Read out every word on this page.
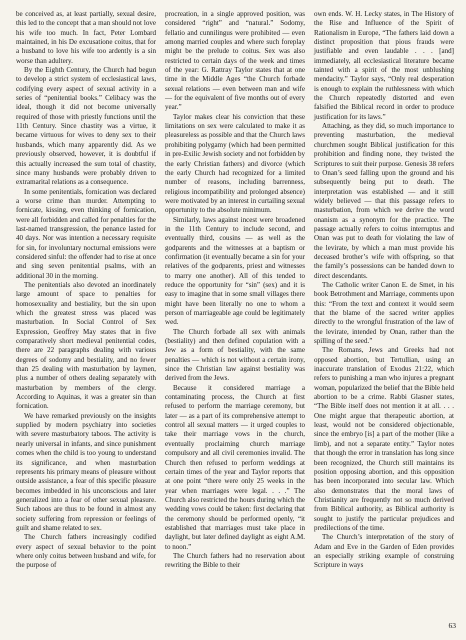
be conceived as, at least partially, sexual desire, this led to the concept that a man should not love his wife too much. In fact, Peter Lombard maintained, in his De excusatione coitus, that for a husband to love his wife too ardently is a sin worse than adultery.

By the Eighth Century, the Church had begun to develop a strict system of ecclesiastical laws, codifying every aspect of sexual activity in a series of “penitential books.” Celibacy was the ideal, though it did not become universally required of those with priestly functions until the 11th Century. Since chastity was a virtue, it became virtuous for wives to deny sex to their husbands, which many apparently did. As we previously observed, however, it is doubtful if this actually increased the sum total of chastity, since many husbands were probably driven to extramarital relations as a consequence.

In some penitentials, fornication was declared a worse crime than murder. Attempting to fornicate, kissing, even thinking of fornication, were all forbidden and called for penalties for the last-named transgression, the penance lasted for 40 days. Nor was intention a necessary requisite for sin, for involuntary nocturnal emissions were considered sinful: the offender had to rise at once and sing seven penitential psalms, with an additional 30 in the morning.

The penitentials also devoted an inordinately large amount of space to penalties for homosexuality and bestiality, but the sin upon which the greatest stress was placed was masturbation. In Social Control of Sex Expression, Geoffrey May states that in five comparatively short medieval penitential codes, there are 22 paragraphs dealing with various degrees of sodomy and bestiality, and no fewer than 25 dealing with masturbation by laymen, plus a number of others dealing separately with masturbation by members of the clergy. According to Aquinas, it was a greater sin than fornication.

We have remarked previously on the insights supplied by modern psychiatry into societies with severe masturbatory taboos. The activity is nearly universal in infants, and since punishment comes when the child is too young to understand its significance, and when masturbation represents his primary means of pleasure without outside assistance, a fear of this specific pleasure becomes imbedded in his unconscious and later generalized into a fear of other sexual pleasure. Such taboos are thus to be found in almost any society suffering from repression or feelings of guilt and shame related to sex.

The Church fathers increasingly codified every aspect of sexual behavior to the point where only coitus between husband and wife, for the purpose of

procreation, in a single approved position, was considered “right” and “natural.” Sodomy, fellatio and cunnilingus were prohibited — even among married couples and where such foreplay might be the prelude to coitus. Sex was also restricted to certain days of the week and times of the year: G. Rattray Taylor states that at one time in the Middle Ages “the Church forbade sexual relations — even between man and wife — for the equivalent of five months out of every year.”

Taylor makes clear his conviction that these limitations on sex were calculated to make it as pleasureless as possible and that the Church laws prohibiting polygamy (which had been permitted in pre-Exilic Jewish society and not forbidden by the early Christian fathers) and divorce (which the early Church had recognized for a limited number of reasons, including barrenness, religious incompatibility and prolonged absence) were motivated by an interest in curtailing sexual opportunity to the absolute minimum.

Similarly, laws against incest were broadened in the 11th Century to include second, and eventually third, cousins — as well as the godparents and the witnesses at a baptism or confirmation (it eventually became a sin for your relatives of the godparents, priest and witnesses to marry one another). All of this tended to reduce the opportunity for “sin” (sex) and it is easy to imagine that in some small villages there might have been literally no one to whom a person of marriageable age could be legitimately wed.

The Church forbade all sex with animals (bestiality) and then defined copulation with a Jew as a form of bestiality, with the same penalties — which is not without a certain irony, since the Christian law against bestiality was derived from the Jews.

Because it considered marriage a contaminating process, the Church at first refused to perform the marriage ceremony, but later — as a part of its comprehensive attempt to control all sexual matters — it urged couples to take their marriage vows in the church, eventually proclaiming church marriage compulsory and all civil ceremonies invalid. The Church then refused to perform weddings at certain times of the year and Taylor reports that at one point “there were only 25 weeks in the year when marriages were legal. . . .” The Church also restricted the hours during which the wedding vows could be taken: first declaring that the ceremony should be performed openly, “it established that marriages must take place in daylight, but later defined daylight as eight A.M. to noon.”

The Church fathers had no reservation about rewriting the Bible to their

own ends. W. H. Lecky states, in The History of the Rise and Influence of the Spirit of Rationalism in Europe, “The fathers laid down a distinct proposition that pious frauds were justifiable and even laudable . . . [and] immediately, all ecclesiastical literature became tainted with a spirit of the most unblushing mendacity.” Taylor says, “Only real desperation is enough to explain the ruthlessness with which the Church repeatedly distorted and even falsified the Biblical record in order to produce justification for its laws.”

Attaching, as they did, so much importance to preventing masturbation, the medieval churchmen sought Biblical justification for this prohibition and finding none, they twisted the Scriptures to suit their purpose. Genesis 38 refers to Onan’s seed falling upon the ground and his subsequently being put to death. The interpretation was established — and it still widely believed — that this passage refers to masturbation, from which we derive the word onanism as a synonym for the practice. The passage actually refers to coitus interruptus and Onan was put to death for violating the law of the levirate, by which a man must provide his deceased brother’s wife with offspring, so that the family’s possessions can be handed down to direct descendants.

The Catholic writer Canon E. de Smet, in his book Betrothment and Marriage, comments upon this: “From the text and context it would seem that the blame of the sacred writer applies directly to the wrongful frustration of the law of the levirate, intended by Onan, rather than the spilling of the seed.”

The Romans, Jews and Greeks had not opposed abortion, but Tertullian, using an inaccurate translation of Exodus 21:22, which refers to punishing a man who injures a pregnant woman, popularized the belief that the Bible held abortion to be a crime. Rabbi Glasner states, “The Bible itself does not mention it at all. . . . One might argue that therapeutic abortion, at least, would not be considered objectionable, since the embryo [is] a part of the mother (like a limb), and not a separate entity.” Taylor notes that though the error in translation has long since been recognized, the Church still maintains its position opposing abortion, and this opposition has been incorporated into secular law. Which also demonstrates that the moral laws of Christianity are frequently not so much derived from Biblical authority, as Biblical authority is sought to justify the particular prejudices and predilections of the time.

The Church’s interpretation of the story of Adam and Eve in the Garden of Eden provides an especially striking example of construing Scripture in ways

63
